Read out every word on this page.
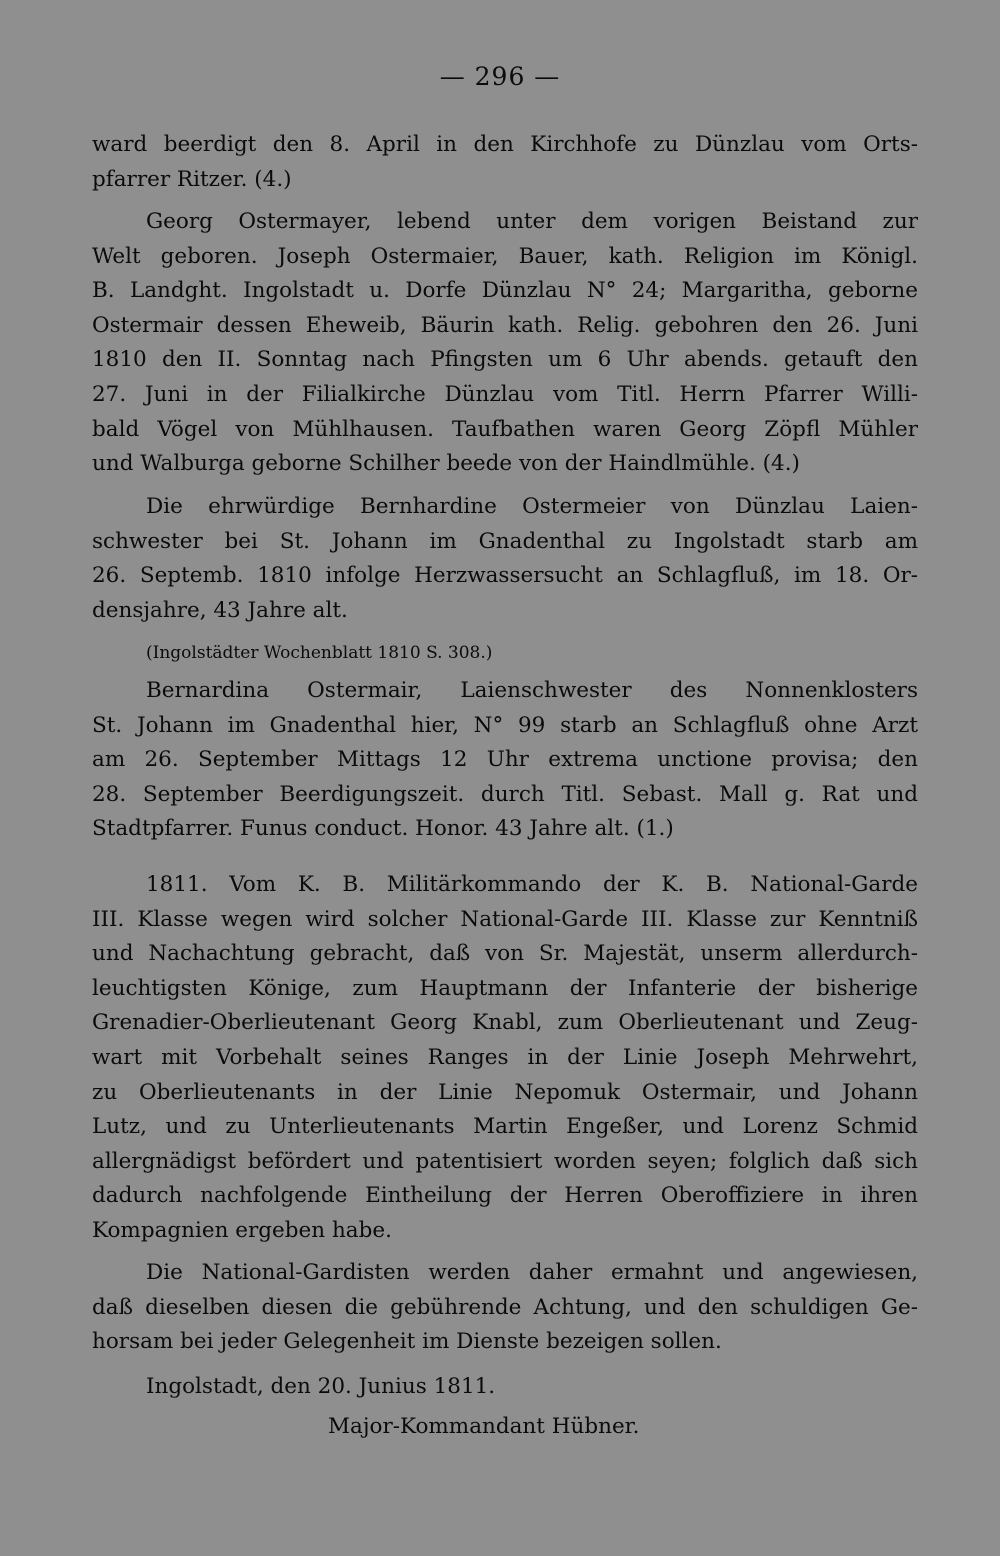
— 296 —
ward beerdigt den 8. April in den Kirchhofe zu Dünzlau vom Orts-
pfarrer Ritzer. (4.)
Georg Ostermayer, lebend unter dem vorigen Beistand zur
Welt geboren. Joseph Ostermaier, Bauer, kath. Religion im Königl.
B. Landght. Ingolstadt u. Dorfe Dünzlau N° 24; Margaritha, geborne
Ostermair dessen Eheweib, Bäurin kath. Relig. gebohren den 26. Juni
1810 den II. Sonntag nach Pfingsten um 6 Uhr abends. getauft den
27. Juni in der Filialkirche Dünzlau vom Titl. Herrn Pfarrer Willi-
bald Vögel von Mühlhausen. Taufbathen waren Georg Zöpfl Mühler
und Walburga geborne Schilher beede von der Haindlmühle. (4.)
Die ehrwürdige Bernhardine Ostermeier von Dünzlau Laien-
schwester bei St. Johann im Gnadenthal zu Ingolstadt starb am
26. Septemb. 1810 infolge Herzwassersucht an Schlagfluß, im 18. Or-
densjahre, 43 Jahre alt.
(Ingolstädter Wochenblatt 1810 S. 308.)
Bernardina Ostermair, Laienschwester des Nonnenklosters
St. Johann im Gnadenthal hier, N° 99 starb an Schlagfluß ohne Arzt
am 26. September Mittags 12 Uhr extrema unctione provisa; den
28. September Beerdigungszeit. durch Titl. Sebast. Mall g. Rat und
Stadtpfarrer. Funus conduct. Honor. 43 Jahre alt. (1.)
1811. Vom K. B. Militärkommando der K. B. National-Garde
III. Klasse wegen wird solcher National-Garde III. Klasse zur Kenntniß
und Nachachtung gebracht, daß von Sr. Majestät, unserm allerdurch-
leuchtigsten Könige, zum Hauptmann der Infanterie der bisherige
Grenadier-Oberlieutenant Georg Knabl, zum Oberlieutenant und Zeug-
wart mit Vorbehalt seines Ranges in der Linie Joseph Mehrwehrt,
zu Oberlieutenants in der Linie Nepomuk Ostermair, und Johann
Lutz, und zu Unterlieutenants Martin Engeßer, und Lorenz Schmid
allergnädigst befördert und patentisiert worden seyen; folglich daß sich
dadurch nachfolgende Eintheilung der Herren Oberoffiziere in ihren
Kompagnien ergeben habe.
Die National-Gardisten werden daher ermahnt und angewiesen,
daß dieselben diesen die gebührende Achtung, und den schuldigen Ge-
horsam bei jeder Gelegenheit im Dienste bezeigen sollen.
Ingolstadt, den 20. Junius 1811.
Major-Kommandant Hübner.
